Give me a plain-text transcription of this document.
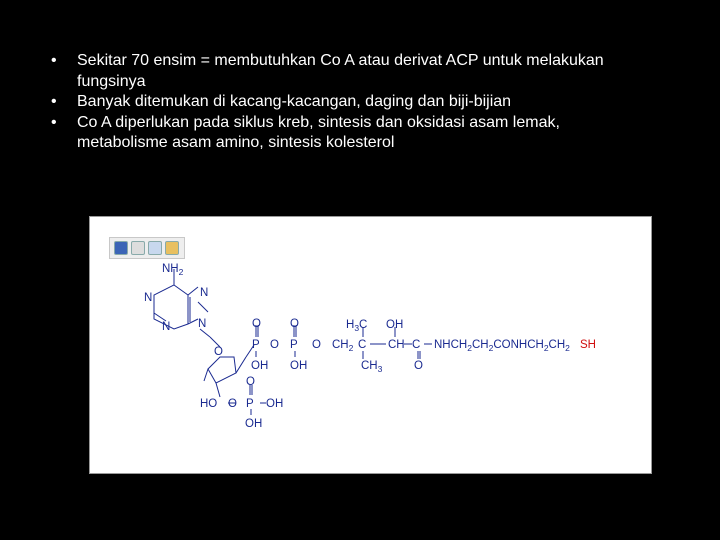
• Sekitar 70 ensim = membutuhkan Co A atau derivat ACP untuk melakukan
fungsinya
• Banyak ditemukan di kacang-kacangan, daging dan biji-bijian
• Co A diperlukan pada siklus kreb, sintesis dan oksidasi asam lemak,
metabolisme asam amino, sintesis kolesterol
$NH_2$
N
N
N N
O
HO O
O
P OH
OH
O
P O
OH
O
P O
OH
$H_3C$ OH
$CH_2$ C CH C
$CH_3$	O
$NHCH_2CH_2CONHCH_2CH_2$ SH
